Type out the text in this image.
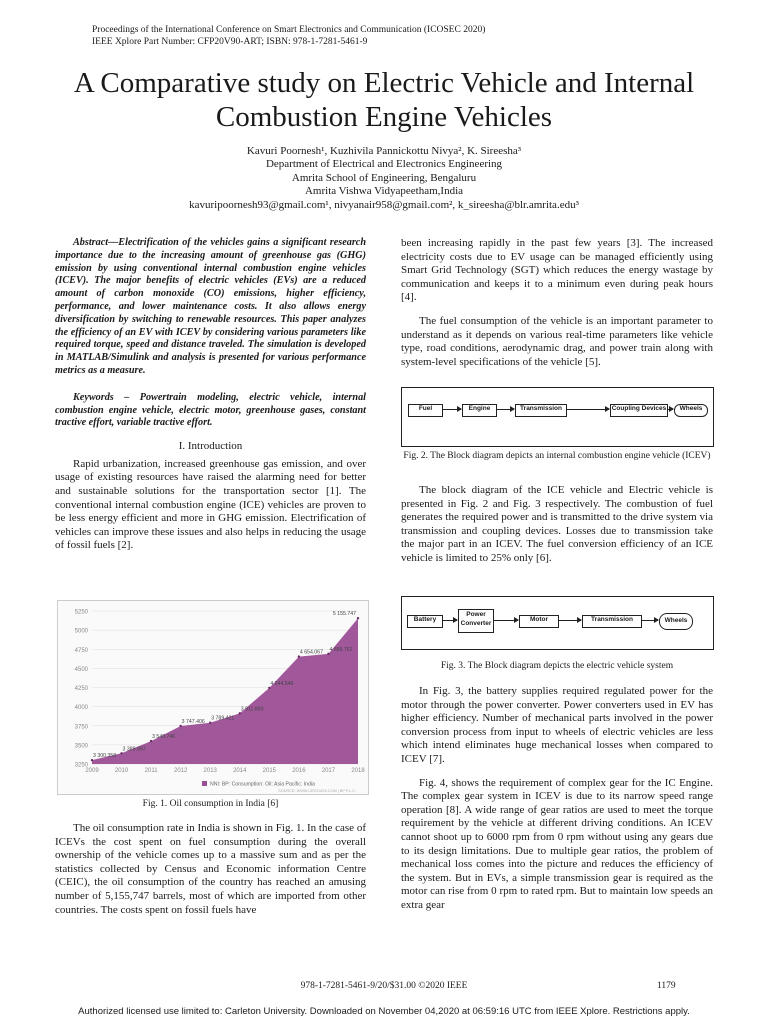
Proceedings of the International Conference on Smart Electronics and Communication (ICOSEC 2020)
IEEE Xplore Part Number: CFP20V90-ART; ISBN: 978-1-7281-5461-9
A Comparative study on Electric Vehicle and Internal
Combustion Engine Vehicles
Kavuri Poornesh¹, Kuzhivila Pannickottu Nivya², K. Sireesha³
Department of Electrical and Electronics Engineering
Amrita School of Engineering, Bengaluru
Amrita Vishwa Vidyapeetham,India
kavuripoornesh93@gmail.com¹, nivyanair958@gmail.com², k_sireesha@blr.amrita.edu³

Abstract—Electrification of the vehicles gains a significant research importance due to the increasing amount of greenhouse gas (GHG) emission by using conventional internal combustion engine vehicles (ICEV). The major benefits of electric vehicles (EVs) are a reduced amount of carbon monoxide (CO) emissions, higher efficiency, performance, and lower maintenance costs. It also allows energy diversification by switching to renewable resources. This paper analyzes the efficiency of an EV with ICEV by considering various parameters like required torque, speed and distance traveled. The simulation is developed in MATLAB/Simulink and analysis is presented for various performance metrics as a measure.

Keywords – Powertrain modeling, electric vehicle, internal combustion engine vehicle, electric motor, greenhouse gases, constant tractive effort, variable tractive effort.

I. Introduction

Rapid urbanization, increased greenhouse gas emission, and over usage of existing resources have raised the alarming need for better and sustainable solutions for the transportation sector [1]. The conventional internal combustion engine (ICE) vehicles are proven to be less energy efficient and more in GHG emission. Electrification of vehicles can improve these issues and also helps in reducing the usage of fossil fuels [2].

3250
3500
3750
4000
4250
4500
4750
5000
5250
3 300.358
2009
3 389.997
2010
3 549.746
2011
3 747.406
2012
3 789.421
2013
3 911.860
2014
4 244.546
2015
4 654.067
2016
4 689.762
2017
5 155.747
2018
NNI: BP: Consumption: Oil: Asia Pacific: India
SOURCE: WWW.CEICDATA.COM | BP P.L.C.
Fig. 1. Oil consumption in India [6]

The oil consumption rate in India is shown in Fig. 1. In the case of ICEVs the cost spent on fuel consumption during the overall ownership of the vehicle comes up to a massive sum and as per the statistics collected by Census and Economic information Centre (CEIC), the oil consumption of the country has reached an amusing number of 5,155,747 barrels, most of which are imported from other countries. The costs spent on fossil fuels have

been increasing rapidly in the past few years [3]. The increased electricity costs due to EV usage can be managed efficiently using Smart Grid Technology (SGT) which reduces the energy wastage by communication and keeps it to a minimum even during peak hours [4].

The fuel consumption of the vehicle is an important parameter to understand as it depends on various real-time parameters like vehicle type, road conditions, aerodynamic drag, and power train along with system-level specifications of the vehicle [5].

Fuel	Engine	Transmission	Coupling Devices	Wheels
Fig. 2. The Block diagram depicts an internal combustion engine vehicle (ICEV)

The block diagram of the ICE vehicle and Electric vehicle is presented in Fig. 2 and Fig. 3 respectively. The combustion of fuel generates the required power and is transmitted to the drive system via transmission and coupling devices. Losses due to transmission take the major part in an ICEV. The fuel conversion efficiency of an ICE vehicle is limited to 25% only [6].

Battery
Power Converter
Motor	Transmission	Wheels
Fig. 3. The Block diagram depicts the electric vehicle system

In Fig. 3, the battery supplies required regulated power for the motor through the power converter. Power converters used in EV has higher efficiency. Number of mechanical parts involved in the power conversion process from input to wheels of electric vehicles are less which intend eliminates huge mechanical losses when compared to ICEV [7].

Fig. 4, shows the requirement of complex gear for the IC Engine. The complex gear system in ICEV is due to its narrow speed range operation [8]. A wide range of gear ratios are used to meet the torque requirement by the vehicle at different driving conditions. An ICEV cannot shoot up to 6000 rpm from 0 rpm without using any gears due to its design limitations. Due to multiple gear ratios, the problem of mechanical loss comes into the picture and reduces the efficiency of the system. But in EVs, a simple transmission gear is required as the motor can rise from 0 rpm to rated rpm. But to maintain low speeds an extra gear

978-1-7281-5461-9/20/$31.00 ©2020 IEEE	1179
Authorized licensed use limited to: Carleton University. Downloaded on November 04,2020 at 06:59:16 UTC from IEEE Xplore. Restrictions apply.
